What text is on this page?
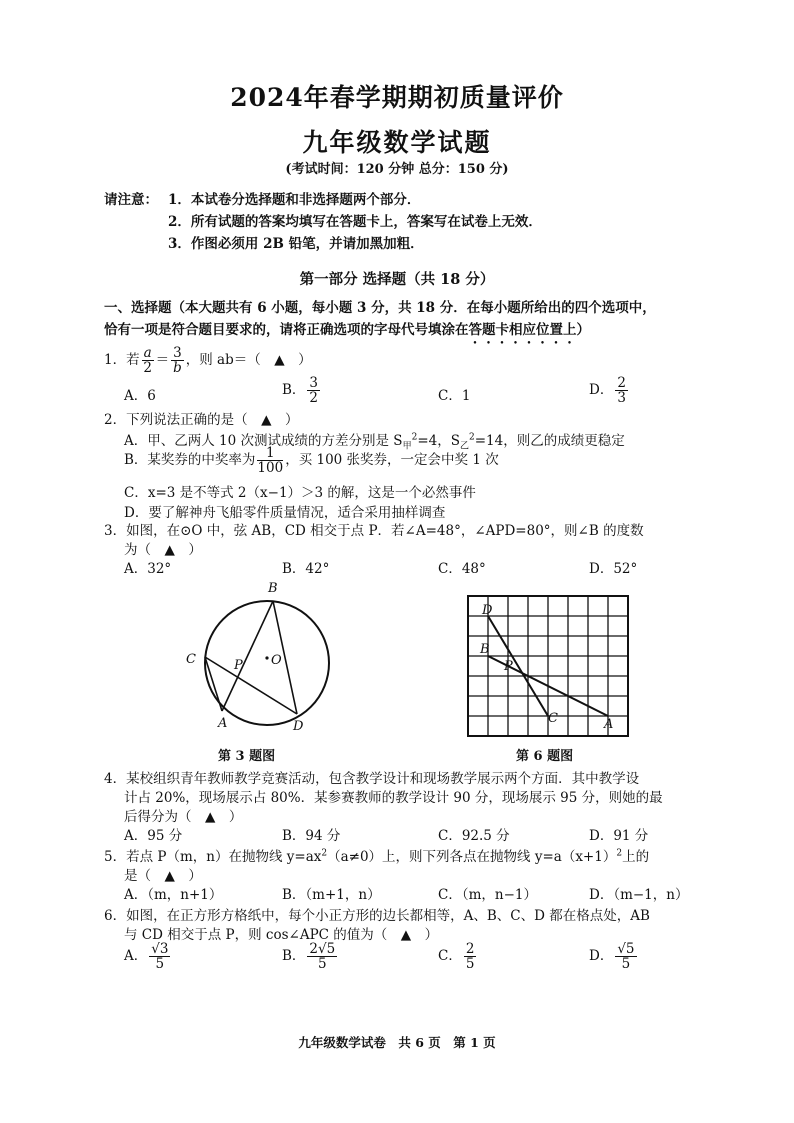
2024年春学期期初质量评价
九年级数学试题
(考试时间：120 分钟 总分：150 分)
请注意： 1．本试卷分选择题和非选择题两个部分．
2．所有试题的答案均填写在答题卡上，答案写在试卷上无效．
3．作图必须用 2B 铅笔，并请加黑加粗．
第一部分 选择题（共 18 分）
一、选择题（本大题共有 6 小题，每小题 3 分，共 18 分．在每小题所给出的四个选项中，
恰有一项是符合题目要求的，请将正确选项的字母代号填涂在答题卡相应位置上）
1．若 $\frac{a}{2} = \frac{3}{b}$ ，则 ab＝（　▲　）
A．6	B． $\frac{3}{2}$	C．1	D． $\frac{2}{3}$
2．下列说法正确的是（　▲　）
A．甲、乙两人 10 次测试成绩的方差分别是 $S_甲^2=4$，$S_乙^2=14$，则乙的成绩更稳定
B．某奖券的中奖率为 $\frac{1}{100}$ ，买 100 张奖券，一定会中奖 1 次
C．x=3 是不等式 2（x−1）＞3 的解，这是一个必然事件
D．要了解神舟飞船零件质量情况，适合采用抽样调查
3．如图，在⊙O 中，弦 AB，CD 相交于点 P．若∠A=48°，∠APD=80°，则∠B 的度数
为（　▲　）
A．32°	B．42°	C．48°	D．52°
B
C	P O
A	D
第 3 题图
D
B
P
C	A
第 6 题图
4．某校组织青年教师教学竞赛活动，包含教学设计和现场教学展示两个方面．其中教学设
计占 20%，现场展示占 80%．某参赛教师的教学设计 90 分，现场展示 95 分，则她的最
后得分为（　▲　）
A．95 分	B．94 分	C．92.5 分	D．91 分
5．若点 P（m，n）在抛物线 $y=ax^2(a\ne 0)$上，则下列各点在抛物线 $y=a(x+1)^2$上的
是（　▲　）
A．（m，n+1）	B．（m+1，n）	C．（m，n−1）	D．（m−1，n）
6．如图，在正方形方格纸中，每个小正方形的边长都相等，A、B、C、D 都在格点处，AB
与 CD 相交于点 P，则 cos∠APC 的值为（　▲　）
A． $\frac{√3}{5}$	B． $\frac{2√5}{5}$	C． $\frac{2}{5}$	D． $\frac{√5}{5}$
九年级数学试卷　共 6 页　第 1 页
